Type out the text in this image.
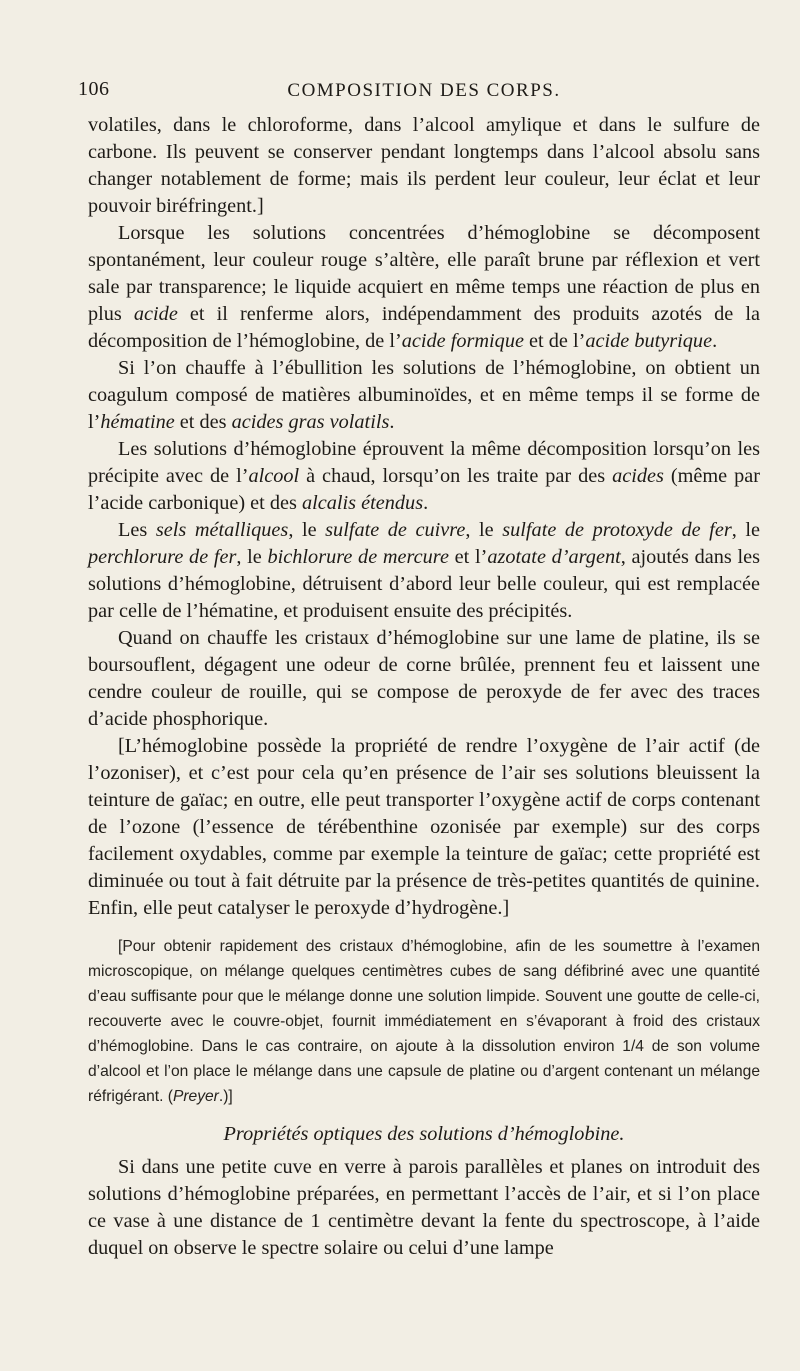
106	COMPOSITION DES CORPS.

volatiles, dans le chloroforme, dans l’alcool amylique et dans le sulfure de carbone. Ils peuvent se conserver pendant longtemps dans l’alcool absolu sans changer notablement de forme; mais ils perdent leur couleur, leur éclat et leur pouvoir biréfringent.]

Lorsque les solutions concentrées d’hémoglobine se décomposent spontanément, leur couleur rouge s’altère, elle paraît brune par réflexion et vert sale par transparence; le liquide acquiert en même temps une réaction de plus en plus acide et il renferme alors, indépendamment des produits azotés de la décomposition de l’hémoglobine, de l’acide formique et de l’acide butyrique.

Si l’on chauffe à l’ébullition les solutions de l’hémoglobine, on obtient un coagulum composé de matières albuminoïdes, et en même temps il se forme de l’hématine et des acides gras volatils.

Les solutions d’hémoglobine éprouvent la même décomposition lorsqu’on les précipite avec de l’alcool à chaud, lorsqu’on les traite par des acides (même par l’acide carbonique) et des alcalis étendus.

Les sels métalliques, le sulfate de cuivre, le sulfate de protoxyde de fer, le perchlorure de fer, le bichlorure de mercure et l’azotate d’argent, ajoutés dans les solutions d’hémoglobine, détruisent d’abord leur belle couleur, qui est remplacée par celle de l’hématine, et produisent ensuite des précipités.

Quand on chauffe les cristaux d’hémoglobine sur une lame de platine, ils se boursouflent, dégagent une odeur de corne brûlée, prennent feu et laissent une cendre couleur de rouille, qui se compose de peroxyde de fer avec des traces d’acide phosphorique.

[L’hémoglobine possède la propriété de rendre l’oxygène de l’air actif (de l’ozoniser), et c’est pour cela qu’en présence de l’air ses solutions bleuissent la teinture de gaïac; en outre, elle peut transporter l’oxygène actif de corps contenant de l’ozone (l’essence de térébenthine ozonisée par exemple) sur des corps facilement oxydables, comme par exemple la teinture de gaïac; cette propriété est diminuée ou tout à fait détruite par la présence de très-petites quantités de quinine. Enfin, elle peut catalyser le peroxyde d’hydrogène.]

[Pour obtenir rapidement des cristaux d’hémoglobine, afin de les soumettre à l’examen microscopique, on mélange quelques centimètres cubes de sang défibriné avec une quantité d’eau suffisante pour que le mélange donne une solution limpide. Souvent une goutte de celle-ci, recouverte avec le couvre-objet, fournit immédiatement en s’évaporant à froid des cristaux d’hémoglobine. Dans le cas contraire, on ajoute à la dissolution environ 1/4 de son volume d’alcool et l’on place le mélange dans une capsule de platine ou d’argent contenant un mélange réfrigérant. (Preyer.)]

Propriétés optiques des solutions d’hémoglobine.

Si dans une petite cuve en verre à parois parallèles et planes on introduit des solutions d’hémoglobine préparées, en permettant l’accès de l’air, et si l’on place ce vase à une distance de 1 centimètre devant la fente du spectroscope, à l’aide duquel on observe le spectre solaire ou celui d’une lampe
